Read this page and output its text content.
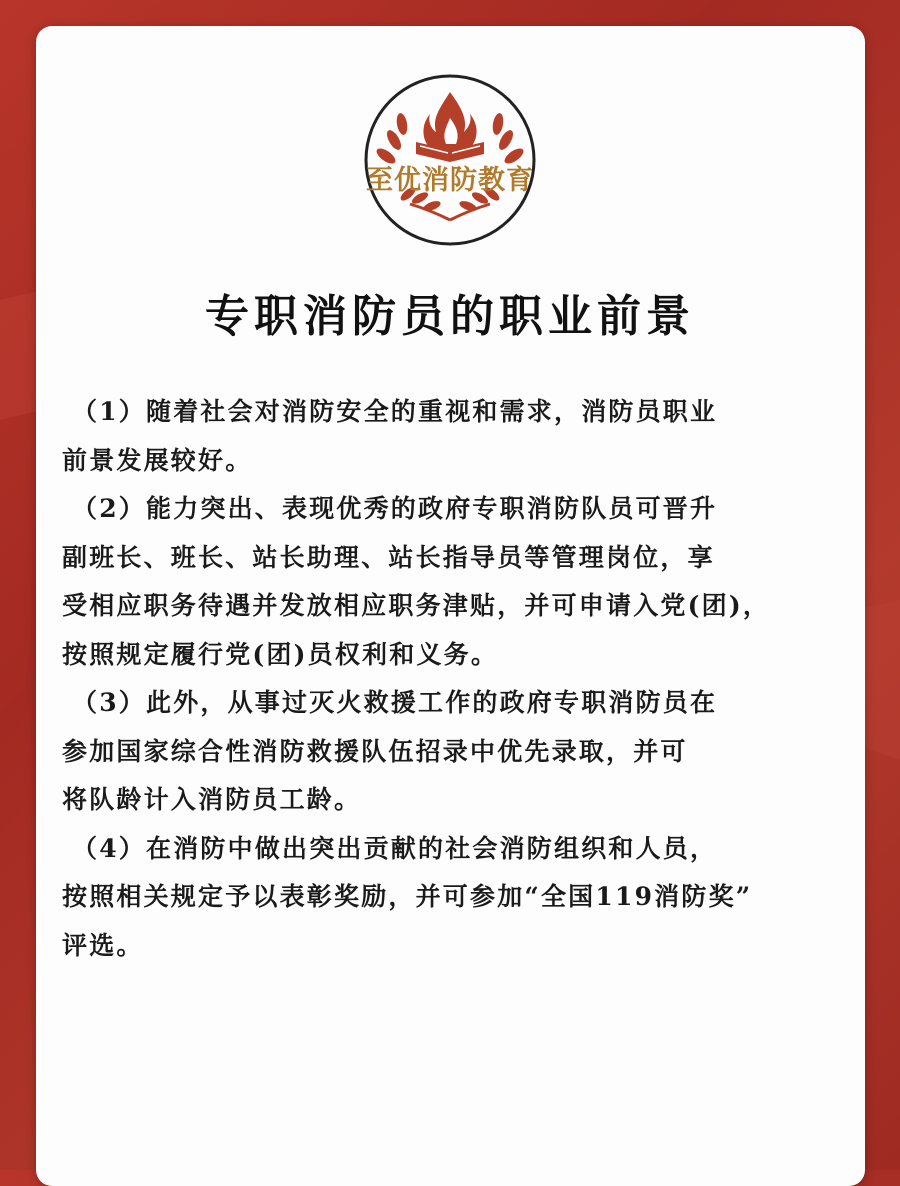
至优消防教育
专职消防员的职业前景
（1）随着社会对消防安全的重视和需求，消防员职业
前景发展较好。
（2）能力突出、表现优秀的政府专职消防队员可晋升
副班长、班长、站长助理、站长指导员等管理岗位，享
受相应职务待遇并发放相应职务津贴，并可申请入党(团)，
按照规定履行党(团)员权利和义务。
（3）此外，从事过灭火救援工作的政府专职消防员在
参加国家综合性消防救援队伍招录中优先录取，并可
将队龄计入消防员工龄。
（4）在消防中做出突出贡献的社会消防组织和人员，
按照相关规定予以表彰奖励，并可参加“全国119消防奖”
评选。
